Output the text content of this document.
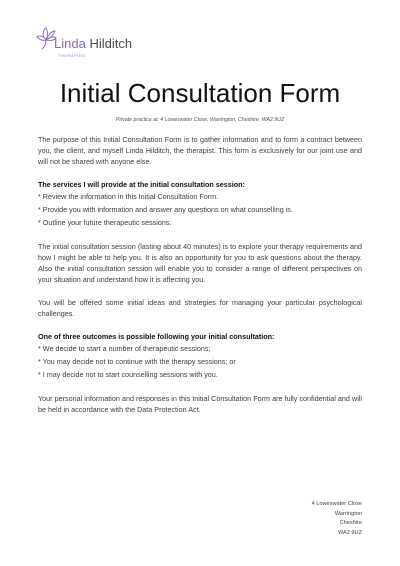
Linda Hilditch
THERAPIES
Initial Consultation Form
Private practice at: 4 Loweswater Close, Warrington, Cheshire, WA2 9UZ

The purpose of this Initial Consultation Form is to gather information and to form a contract between you, the client, and myself Linda Hilditch, the therapist. This form is exclusively for our joint use and will not be shared with anyone else.

The services I will provide at the initial consultation session:
* Review the information in this Initial Consultation Form.
* Provide you with information and answer any questions on what counselling is.
* Outline your future therapeutic sessions.

The initial consultation session (lasting about 40 minutes) is to explore your therapy requirements and how I might be able to help you. It is also an opportunity for you to ask questions about the therapy. Also the initial consultation session will enable you to consider a range of different perspectives on your situation and understand how it is affecting you.

You will be offered some initial ideas and strategies for managing your particular psychological challenges.

One of three outcomes is possible following your initial consultation:
* We decide to start a number of therapeutic sessions;
* You may decide not to continue with the therapy sessions; or
* I may decide not to start counselling sessions with you.

Your personal information and responses in this Initial Consultation Form are fully confidential and will be held in accordance with the Data Protection Act.

4 Loweswater Close
Warrington
Cheshire
WA2 9UZ
